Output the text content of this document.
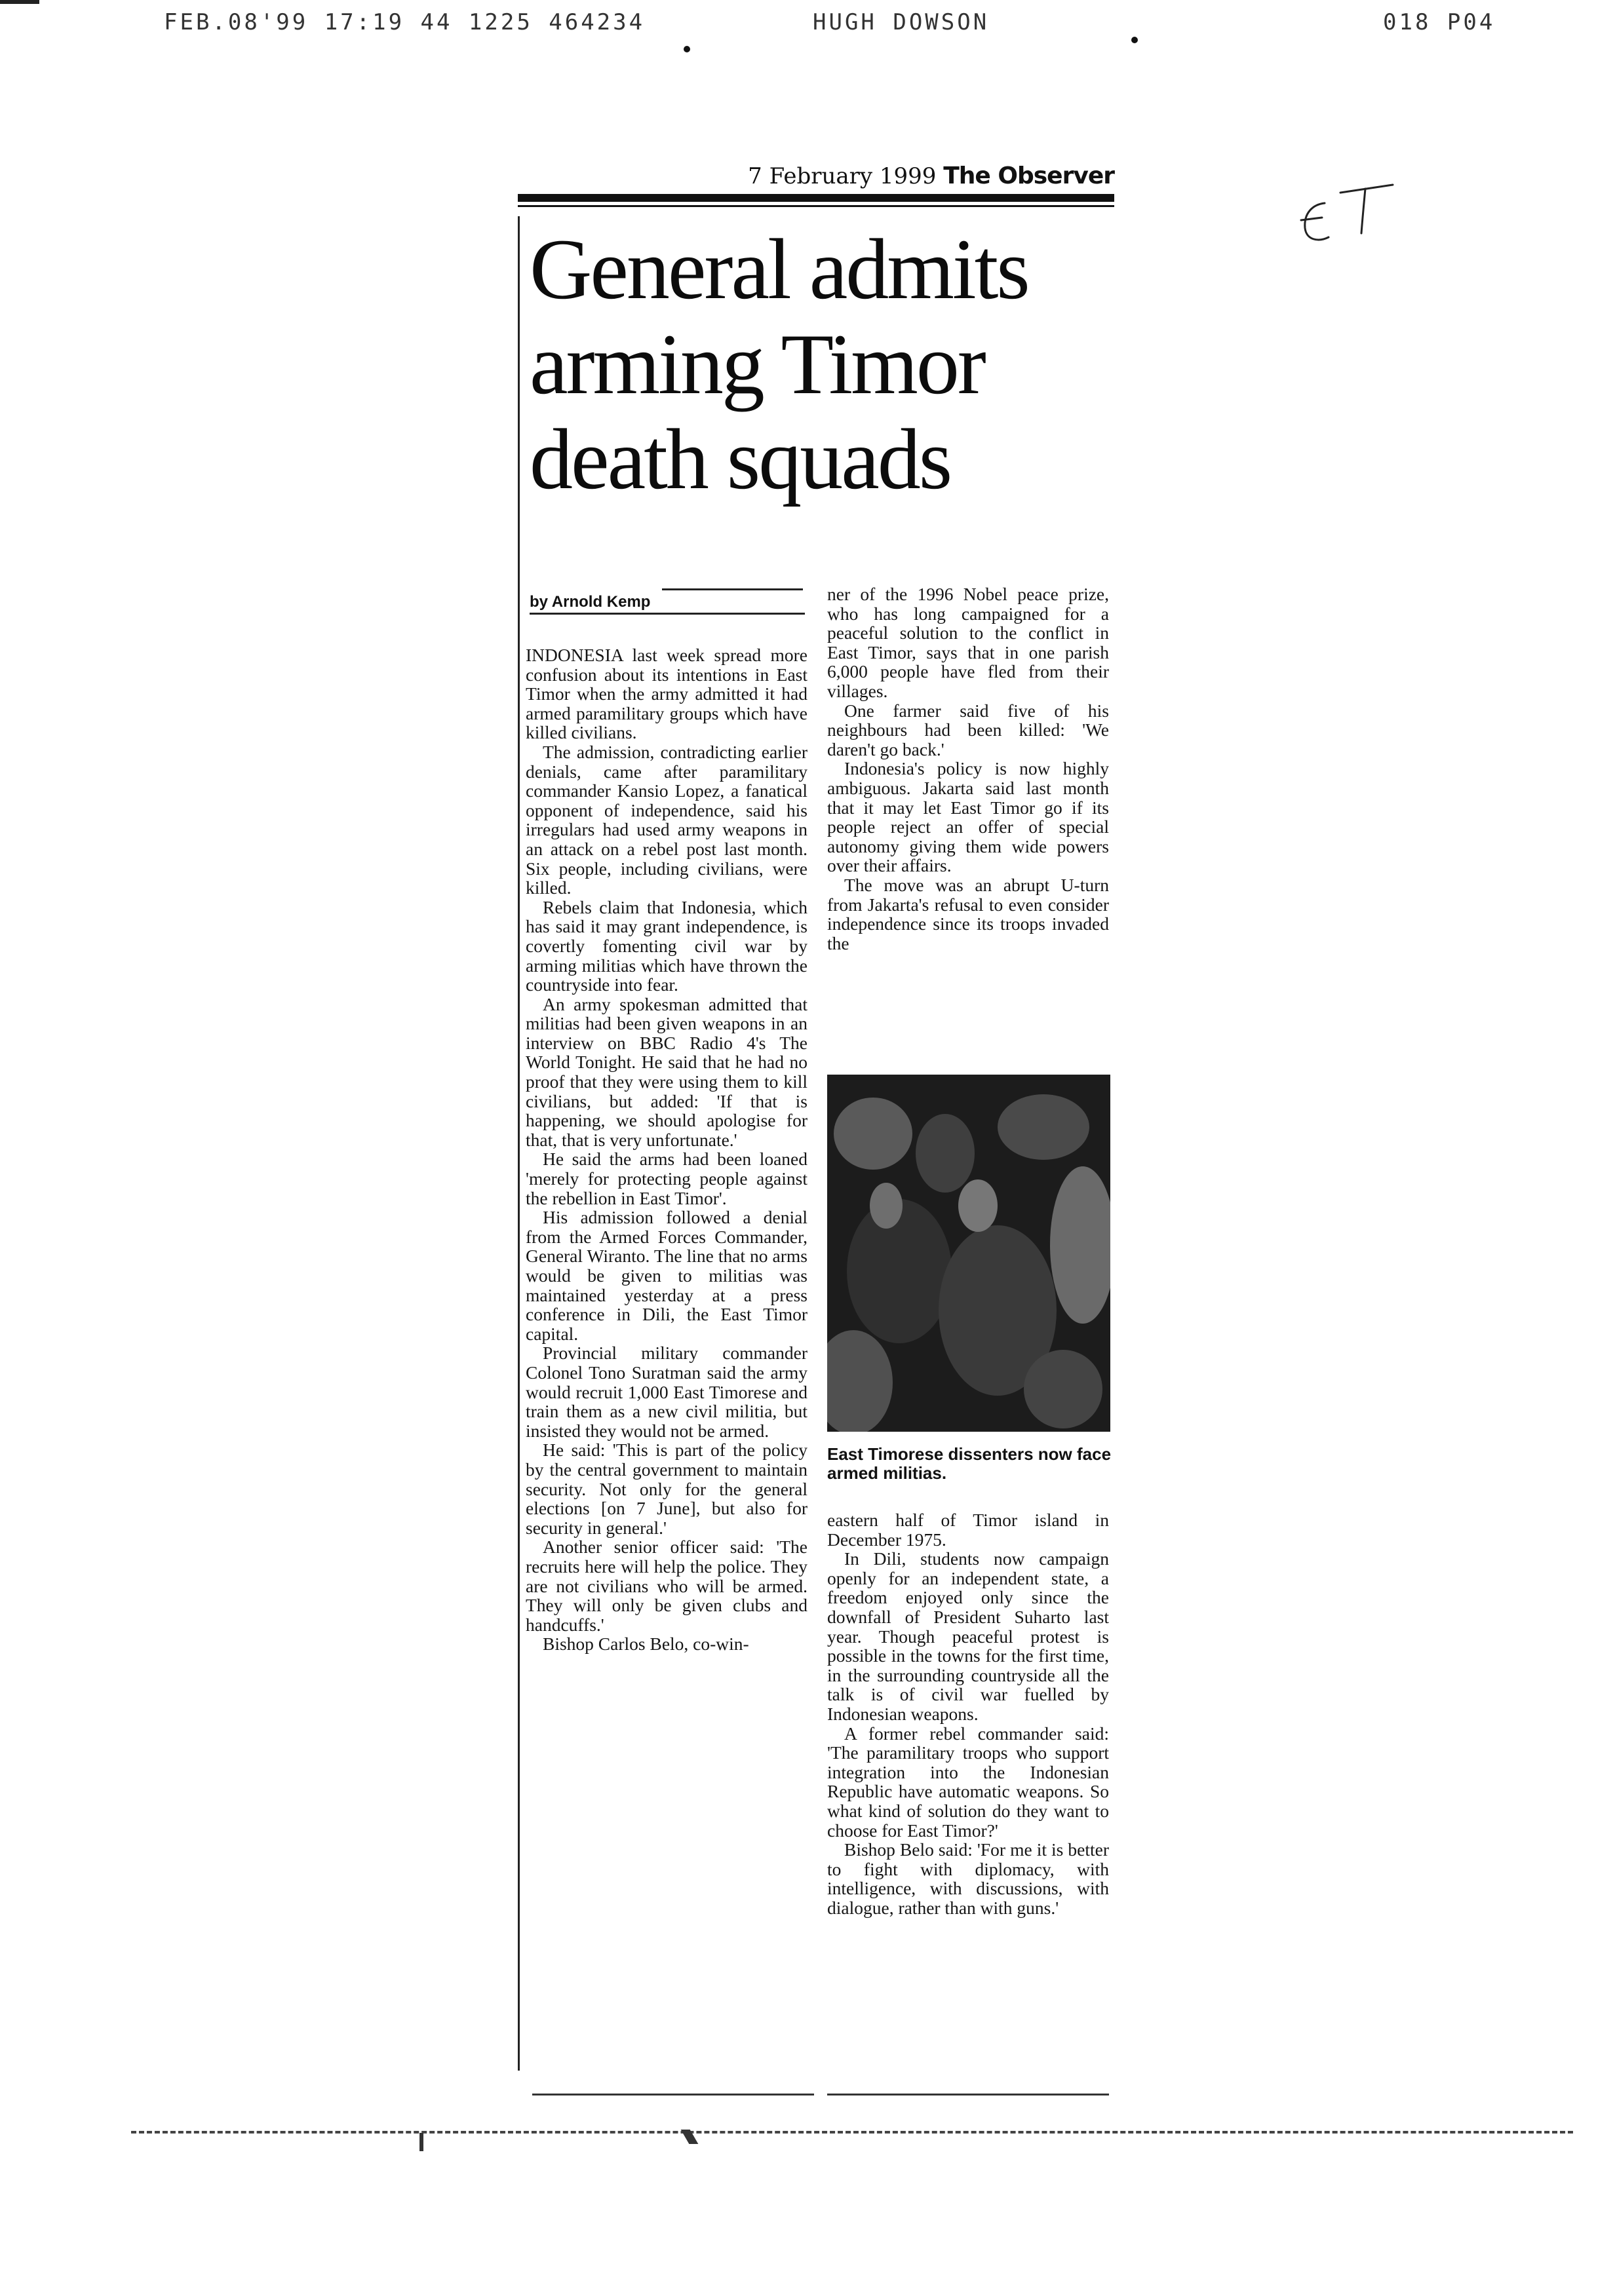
FEB.08'99 17:19 44 1225 464234	HUGH DOWSON	018 P04
7 February 1999 The Observer
General admits
arming Timor
death squads
by Arnold Kemp

INDONESIA last week spread more confusion about its intentions in East Timor when the army admitted it had armed paramilitary groups which have killed civilians.

The admission, contradicting earlier denials, came after paramilitary commander Kansio Lopez, a fanatical opponent of independence, said his irregulars had used army weapons in an attack on a rebel post last month. Six people, including civilians, were killed.

Rebels claim that Indonesia, which has said it may grant independence, is covertly fomenting civil war by arming militias which have thrown the countryside into fear.

An army spokesman admitted that militias had been given weapons in an interview on BBC Radio 4's The World Tonight. He said that he had no proof that they were using them to kill civilians, but added: 'If that is happening, we should apologise for that, that is very unfortunate.'

He said the arms had been loaned 'merely for protecting people against the rebellion in East Timor'.

His admission followed a denial from the Armed Forces Commander, General Wiranto. The line that no arms would be given to militias was maintained yesterday at a press conference in Dili, the East Timor capital.

Provincial military commander Colonel Tono Suratman said the army would recruit 1,000 East Timorese and train them as a new civil militia, but insisted they would not be armed.

He said: 'This is part of the policy by the central government to maintain security. Not only for the general elections [on 7 June], but also for security in general.'

Another senior officer said: 'The recruits here will help the police. They are not civilians who will be armed. They will only be given clubs and handcuffs.'

Bishop Carlos Belo, co-win-

ner of the 1996 Nobel peace prize, who has long campaigned for a peaceful solution to the conflict in East Timor, says that in one parish 6,000 people have fled from their villages.

One farmer said five of his neighbours had been killed: 'We daren't go back.'

Indonesia's policy is now highly ambiguous. Jakarta said last month that it may let East Timor go if its people reject an offer of special autonomy giving them wide powers over their affairs.

The move was an abrupt U-turn from Jakarta's refusal to even consider independence since its troops invaded the

East Timorese dissenters now face armed militias.

eastern half of Timor island in December 1975.

In Dili, students now campaign openly for an independent state, a freedom enjoyed only since the downfall of President Suharto last year. Though peaceful protest is possible in the towns for the first time, in the surrounding countryside all the talk is of civil war fuelled by Indonesian weapons.

A former rebel commander said: 'The paramilitary troops who support integration into the Indonesian Republic have automatic weapons. So what kind of solution do they want to choose for East Timor?'

Bishop Belo said: 'For me it is better to fight with diplomacy, with intelligence, with discussions, with dialogue, rather than with guns.'
